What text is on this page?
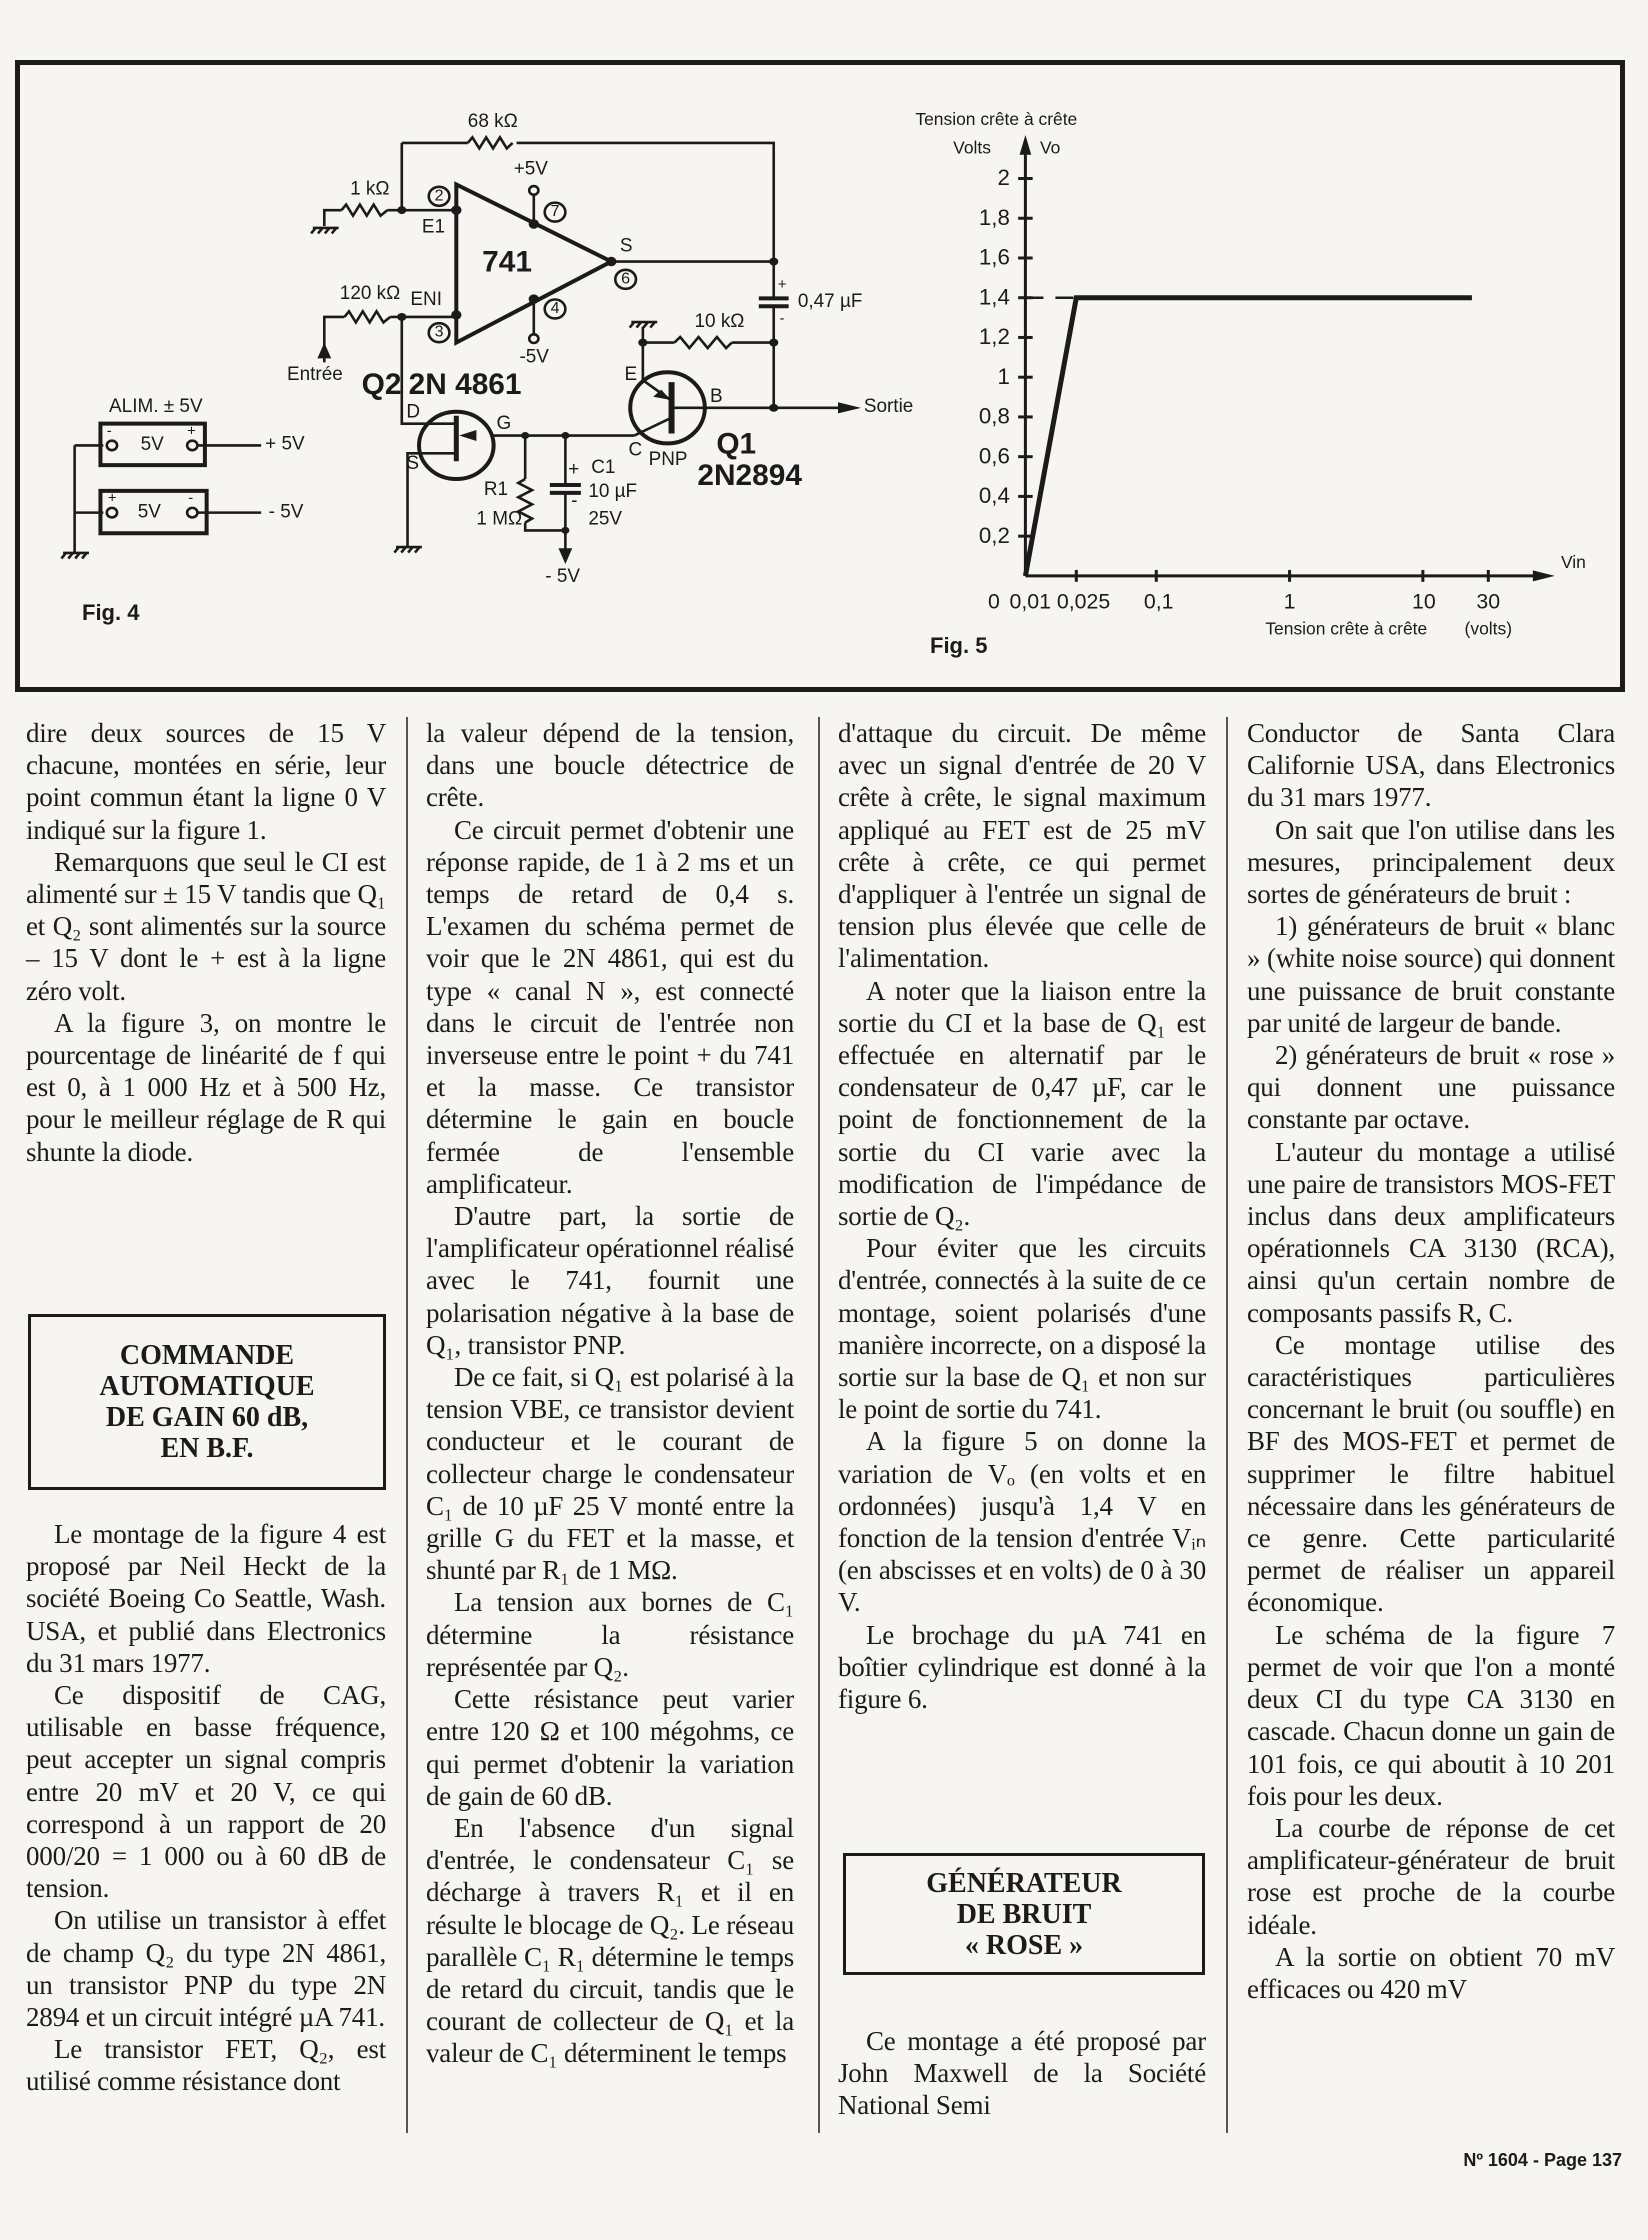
68 kΩ
1 kΩ
120 kΩ
10 kΩ
+5V
-5V
E1
ENI
S
2
3
7
4
6
0,47 µF
+
-
Entrée
Sortie
D
G
S
E
B
C PNP
R1
1 MΩ
+ C1
10 µF
-
25V
- 5V
ALIM. ± 5V
5V
5V
-	+
+	-
+ 5V
- 5V
741
Q2 2N 4861
Q1
2N2894
Fig. 4
0,2
0,4
0,6
0,8
1
1,2
1,4
1,6
1,8
2
0 0,01 0,025 0,1	1	10 30
Tension crête à crête
Volts Vo
Vin
Tension crête à crête (volts)
Fig. 5

dire deux sources de 15 V chacune, montées en série, leur point commun étant la ligne 0 V indiqué sur la figure 1.

Remarquons que seul le CI est alimenté sur ± 15 V tandis que Q₁ et Q₂ sont alimentés sur la source – 15 V dont le + est à la ligne zéro volt.

A la figure 3, on montre le pourcentage de linéarité de f qui est 0, à 1 000 Hz et à 500 Hz, pour le meilleur réglage de R qui shunte la diode.

COMMANDE
AUTOMATIQUE
DE GAIN 60 dB,
EN B.F.

Le montage de la figure 4 est proposé par Neil Heckt de la société Boeing Co Seattle, Wash. USA, et publié dans Electronics du 31 mars 1977.

Ce dispositif de CAG, utilisable en basse fréquence, peut accepter un signal compris entre 20 mV et 20 V, ce qui correspond à un rapport de 20 000/20 = 1 000 ou à 60 dB de tension.

On utilise un transistor à effet de champ Q₂ du type 2N 4861, un transistor PNP du type 2N 2894 et un circuit intégré µA 741.

Le transistor FET, Q₂, est utilisé comme résistance dont

la valeur dépend de la tension, dans une boucle détectrice de crête.

Ce circuit permet d'obtenir une réponse rapide, de 1 à 2 ms et un temps de retard de 0,4 s. L'examen du schéma permet de voir que le 2N 4861, qui est du type « canal N », est connecté dans le circuit de l'entrée non inverseuse entre le point + du 741 et la masse. Ce transistor détermine le gain en boucle fermée de l'ensemble amplificateur.

D'autre part, la sortie de l'amplificateur opérationnel réalisé avec le 741, fournit une polarisation négative à la base de Q₁, transistor PNP.

De ce fait, si Q₁ est polarisé à la tension VBE, ce transistor devient conducteur et le courant de collecteur charge le condensateur C₁ de 10 µF 25 V monté entre la grille G du FET et la masse, et shunté par R₁ de 1 MΩ.

La tension aux bornes de C₁ détermine la résistance représentée par Q₂.

Cette résistance peut varier entre 120 Ω et 100 mégohms, ce qui permet d'obtenir la variation de gain de 60 dB.

En l'absence d'un signal d'entrée, le condensateur C₁ se décharge à travers R₁ et il en résulte le blocage de Q₂. Le réseau parallèle C₁ R₁ détermine le temps de retard du circuit, tandis que le courant de collecteur de Q₁ et la valeur de C₁ déterminent le temps

d'attaque du circuit. De même avec un signal d'entrée de 20 V crête à crête, le signal maximum appliqué au FET est de 25 mV crête à crête, ce qui permet d'appliquer à l'entrée un signal de tension plus élevée que celle de l'alimentation.

A noter que la liaison entre la sortie du CI et la base de Q₁ est effectuée en alternatif par le condensateur de 0,47 µF, car le point de fonctionnement de la sortie du CI varie avec la modification de l'impédance de sortie de Q₂.

Pour éviter que les circuits d'entrée, connectés à la suite de ce montage, soient polarisés d'une manière incorrecte, on a disposé la sortie sur la base de Q₁ et non sur le point de sortie du 741.

A la figure 5 on donne la variation de Vₒ (en volts et en ordonnées) jusqu'à 1,4 V en fonction de la tension d'entrée Vᵢₙ (en abscisses et en volts) de 0 à 30 V.

Le brochage du µA 741 en boîtier cylindrique est donné à la figure 6.

GÉNÉRATEUR
DE BRUIT
« ROSE »

Ce montage a été proposé par John Maxwell de la Société National Semi

Conductor de Santa Clara Californie USA, dans Electronics du 31 mars 1977.

On sait que l'on utilise dans les mesures, principalement deux sortes de générateurs de bruit :

1) générateurs de bruit « blanc » (white noise source) qui donnent une puissance de bruit constante par unité de largeur de bande.

2) générateurs de bruit « rose » qui donnent une puissance constante par octave.

L'auteur du montage a utilisé une paire de transistors MOS-FET inclus dans deux amplificateurs opérationnels CA 3130 (RCA), ainsi qu'un certain nombre de composants passifs R, C.

Ce montage utilise des caractéristiques particulières concernant le bruit (ou souffle) en BF des MOS-FET et permet de supprimer le filtre habituel nécessaire dans les générateurs de ce genre. Cette particularité permet de réaliser un appareil économique.

Le schéma de la figure 7 permet de voir que l'on a monté deux CI du type CA 3130 en cascade. Chacun donne un gain de 101 fois, ce qui aboutit à 10 201 fois pour les deux.

La courbe de réponse de cet amplificateur-générateur de bruit rose est proche de la courbe idéale.

A la sortie on obtient 70 mV efficaces ou 420 mV

Nº 1604 - Page 137
